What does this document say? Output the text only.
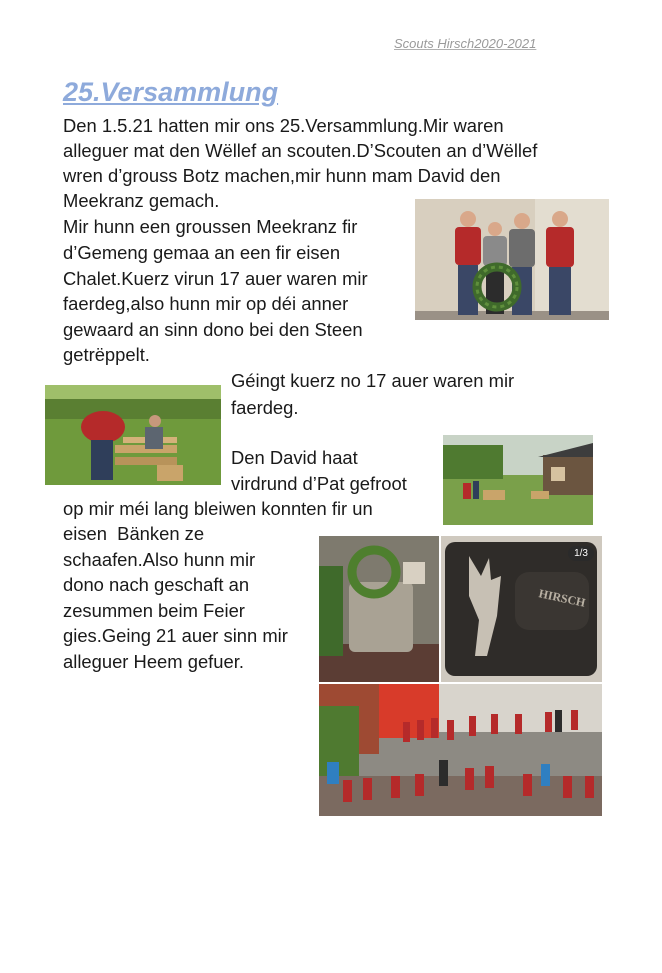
Scouts Hirsch2020-2021
25.Versammlung
Den 1.5.21 hatten mir ons 25.Versammlung.Mir waren
alleguer mat den Wëllef an scouten.D’Scouten an d’Wëllef
wren d’grouss Botz machen,mir hunn mam David den
Meekranz gemach.
Mir hunn een groussen Meekranz fir
d’Gemeng gemaa an een fir eisen
Chalet.Kuerz virun 17 auer waren mir
faerdeg,also hunn mir op déi anner
gewaard an sinn dono bei den Steen
getrëppelt.
Géingt kuerz no 17 auer waren mir
faerdeg.
Den David haat
virdrund d’Pat gefroot
op mir méi lang bleiwen konnten fir un
eisen  Bänken ze
schaafen.Also hunn mir
dono nach geschaft an
zesummen beim Feier
gies.Geing 21 auer sinn mir
alleguer Heem gefuer.
1/3
HIRSCH
